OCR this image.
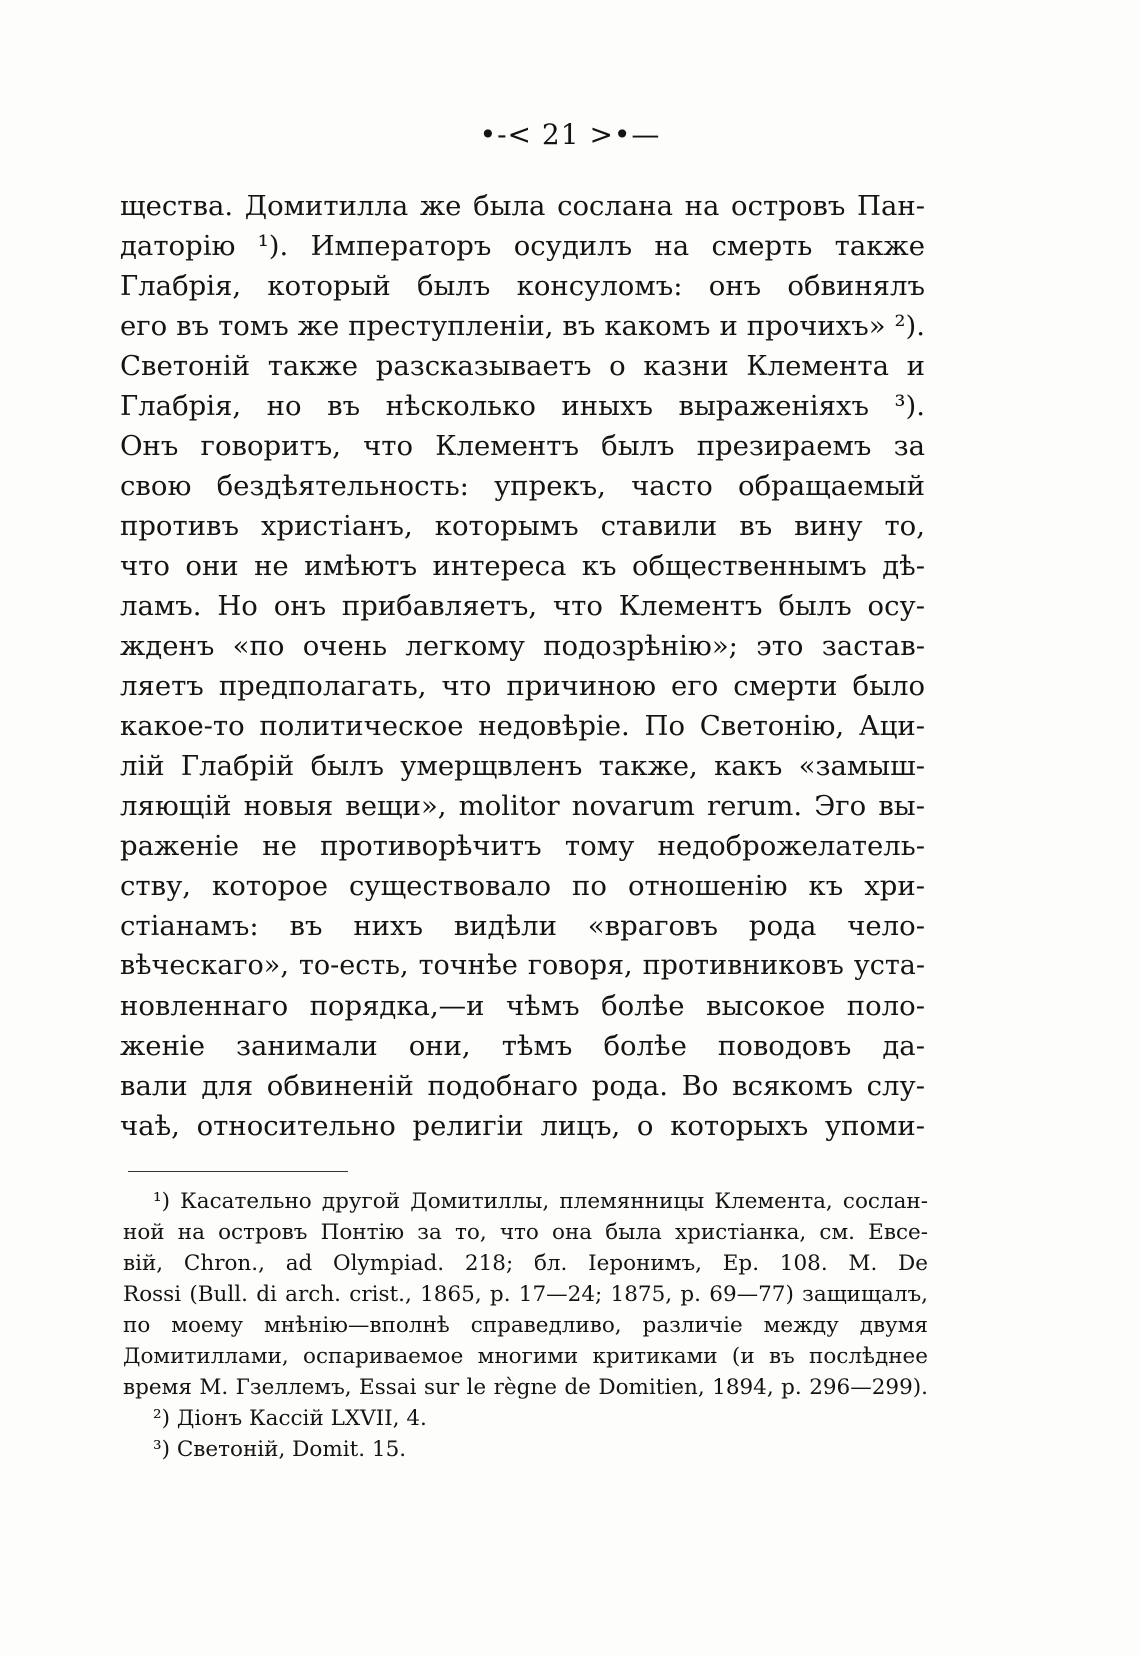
•-< 21 >•—
щества. Домитилла же была сослана на островъ Пан-
даторію ¹). Императоръ осудилъ на смерть также
Глабрія, который былъ консуломъ: онъ обвинялъ
его въ томъ же преступленіи, въ какомъ и прочихъ» ²).
Светоній также разсказываетъ о казни Клемента и
Глабрія, но въ нѣсколько иныхъ выраженіяхъ ³).
Онъ говоритъ, что Клементъ былъ презираемъ за
свою бездѣятельность: упрекъ, часто обращаемый
противъ христіанъ, которымъ ставили въ вину то,
что они не имѣютъ интереса къ общественнымъ дѣ-
ламъ. Но онъ прибавляетъ, что Клементъ былъ осу-
жденъ «по очень легкому подозрѣнію»; это застав-
ляетъ предполагать, что причиною его смерти было
какое-то политическое недовѣріе. По Светонію, Аци-
лій Глабрій былъ умерщвленъ также, какъ «замыш-
ляющій новыя вещи», molitor novarum rerum. Эго вы-
раженіе не противорѣчитъ тому недоброжелатель-
ству, которое существовало по отношенію къ хри-
стіанамъ: въ нихъ видѣли «враговъ рода чело-
вѣческаго», то-есть, точнѣе говоря, противниковъ уста-
новленнаго порядка,—и чѣмъ болѣе высокое поло-
женіе занимали они, тѣмъ болѣе поводовъ да-
вали для обвиненій подобнаго рода. Во всякомъ слу-
чаѣ, относительно религіи лицъ, о которыхъ упоми-
¹) Касательно другой Домитиллы, племянницы Клемента, сослан-
ной на островъ Понтію за то, что она была христіанка, см. Евсе-
вій, Chron., ad Olympiad. 218; бл. Іеронимъ, Ep. 108. M. De
Rossi (Bull. di arch. crist., 1865, p. 17—24; 1875, p. 69—77) защищалъ,
по моему мнѣнію—вполнѣ справедливо, различіе между двумя
Домитиллами, оспариваемое многими критиками (и въ послѣднее
время M. Гзеллемъ, Essai sur le règne de Domitien, 1894, p. 296—299).
²) Діонъ Кассій LXVII, 4.
³) Светоній, Domit. 15.
